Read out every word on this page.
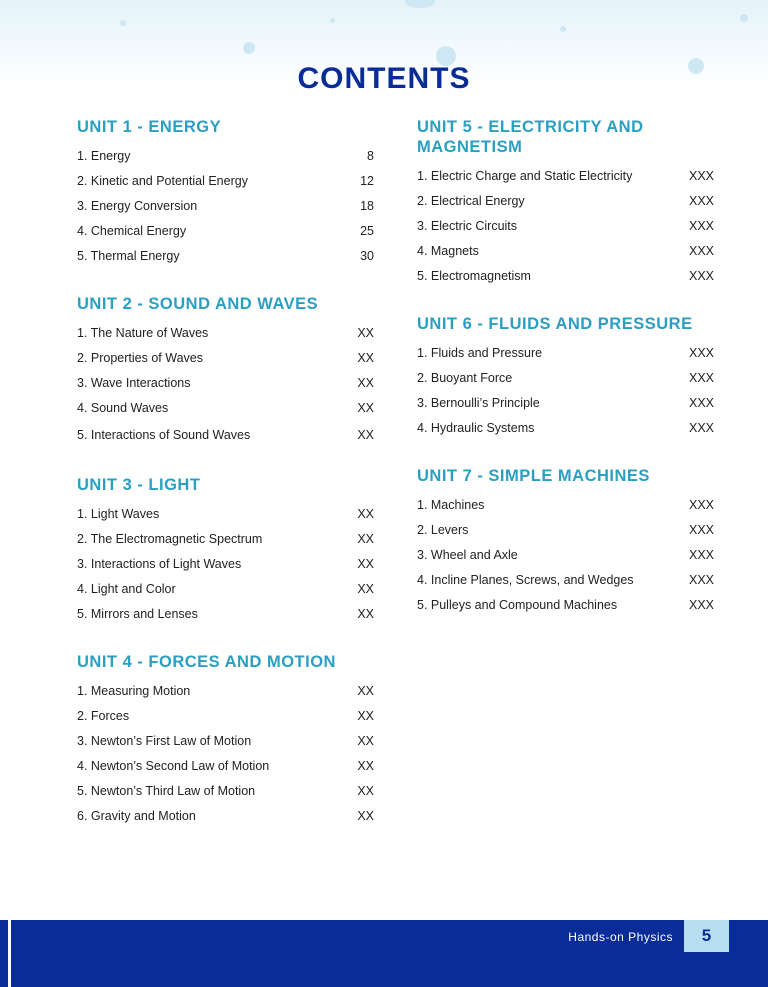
CONTENTS
UNIT 1 - ENERGY
1. Energy	8
2. Kinetic and Potential Energy	12
3. Energy Conversion	18
4. Chemical Energy	25
5. Thermal Energy	30
UNIT 2 - SOUND AND WAVES
1. The Nature of Waves	XX
2. Properties of Waves	XX
3. Wave Interactions	XX
4. Sound Waves	XX
5. Interactions of Sound Waves	XX
UNIT 3 - LIGHT
1. Light Waves	XX
2. The Electromagnetic Spectrum	XX
3. Interactions of Light Waves	XX
4. Light and Color	XX
5. Mirrors and Lenses	XX
UNIT 4 - FORCES AND MOTION
1. Measuring Motion	XX
2. Forces	XX
3. Newton’s First Law of Motion	XX
4. Newton’s Second Law of Motion	XX
5. Newton’s Third Law of Motion	XX
6. Gravity and Motion	XX
UNIT 5 - ELECTRICITY AND MAGNETISM
1. Electric Charge and Static Electricity	XXX
2. Electrical Energy	XXX
3. Electric Circuits	XXX
4. Magnets	XXX
5. Electromagnetism	XXX
UNIT 6 - FLUIDS AND PRESSURE
1. Fluids and Pressure	XXX
2. Buoyant Force	XXX
3. Bernoulli’s Principle	XXX
4. Hydraulic Systems	XXX
UNIT 7 - SIMPLE MACHINES
1. Machines	XXX
2. Levers	XXX
3. Wheel and Axle	XXX
4. Incline Planes, Screws, and Wedges	XXX
5. Pulleys and Compound Machines	XXX
Hands-on Physics 5
